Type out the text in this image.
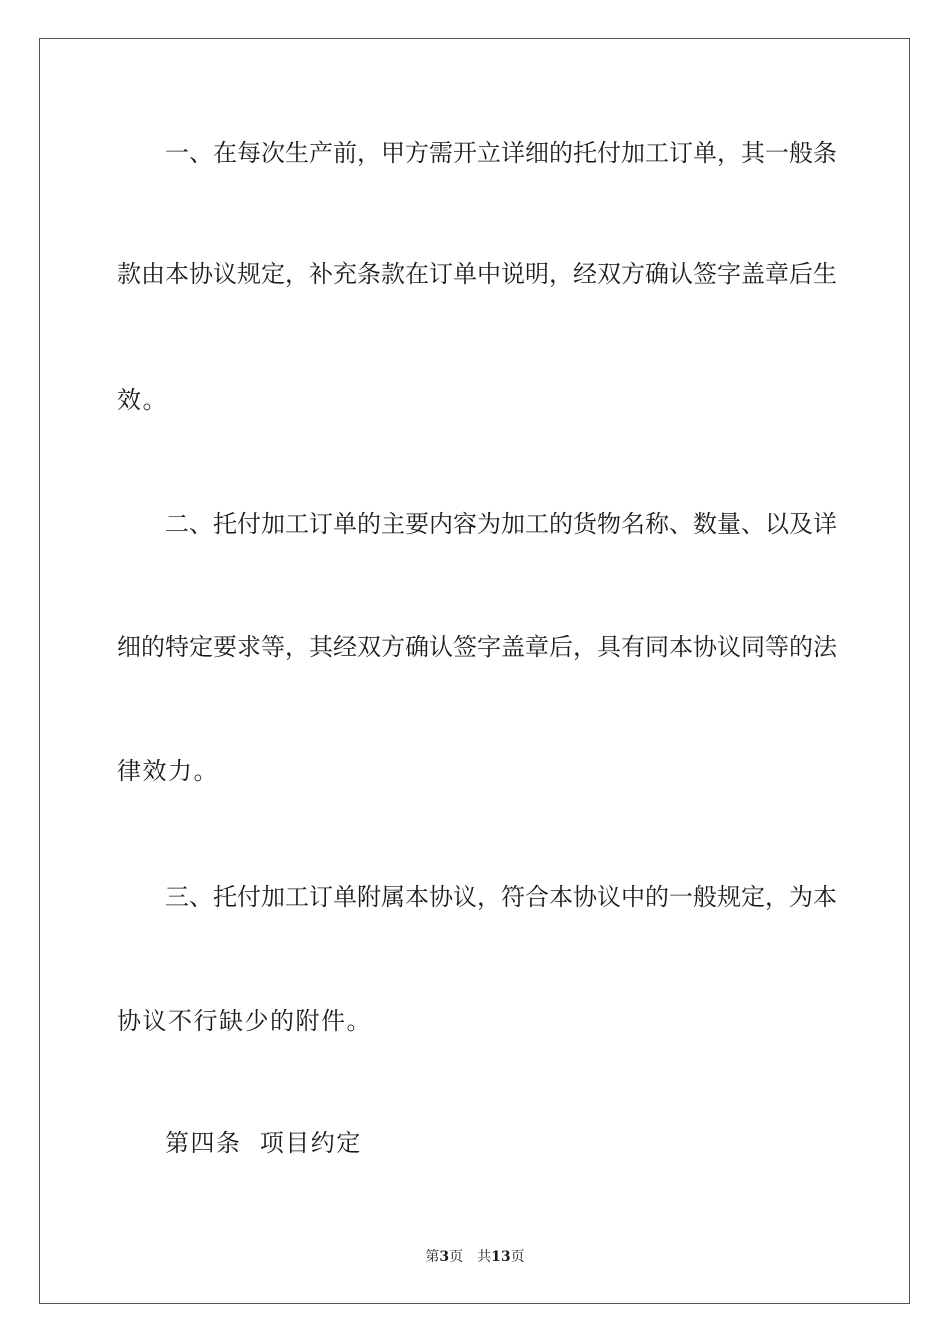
一、在每次生产前，甲方需开立详细的托付加工订单，其一般条
款由本协议规定，补充条款在订单中说明，经双方确认签字盖章后生
效。
二、托付加工订单的主要内容为加工的货物名称、数量、以及详
细的特定要求等，其经双方确认签字盖章后，具有同本协议同等的法
律效力。
三、托付加工订单附属本协议，符合本协议中的一般规定，为本
协议不行缺少的附件。
第四条  项目约定
第3页 共13页
